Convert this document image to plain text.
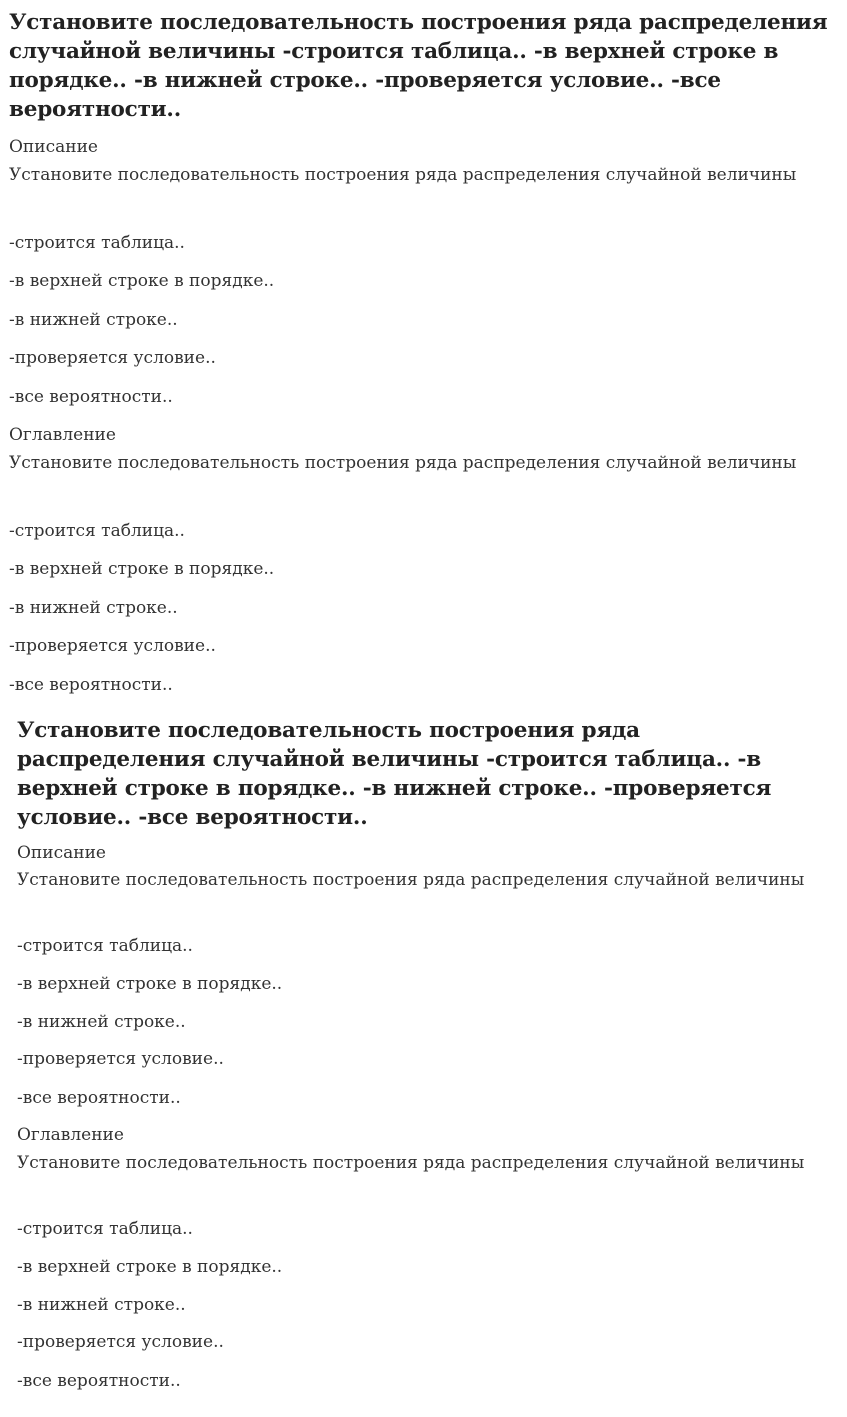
Установите последовательность построения ряда распределения случайной величины -строится таблица.. -в верхней строке в порядке.. -в нижней строке.. -проверяется условие.. -все вероятности..

Описание

Установите последовательность построения ряда распределения случайной величины

-строится таблица..

-в верхней строке в порядке..

-в нижней строке..

-проверяется условие..

-все вероятности..

Оглавление

Установите последовательность построения ряда распределения случайной величины

-строится таблица..

-в верхней строке в порядке..

-в нижней строке..

-проверяется условие..

-все вероятности..

Установите последовательность построения ряда распределения случайной величины -строится таблица.. -в верхней строке в порядке.. -в нижней строке.. -проверяется условие.. -все вероятности..

Описание

Установите последовательность построения ряда распределения случайной величины

-строится таблица..

-в верхней строке в порядке..

-в нижней строке..

-проверяется условие..

-все вероятности..

Оглавление

Установите последовательность построения ряда распределения случайной величины

-строится таблица..

-в верхней строке в порядке..

-в нижней строке..

-проверяется условие..

-все вероятности..
